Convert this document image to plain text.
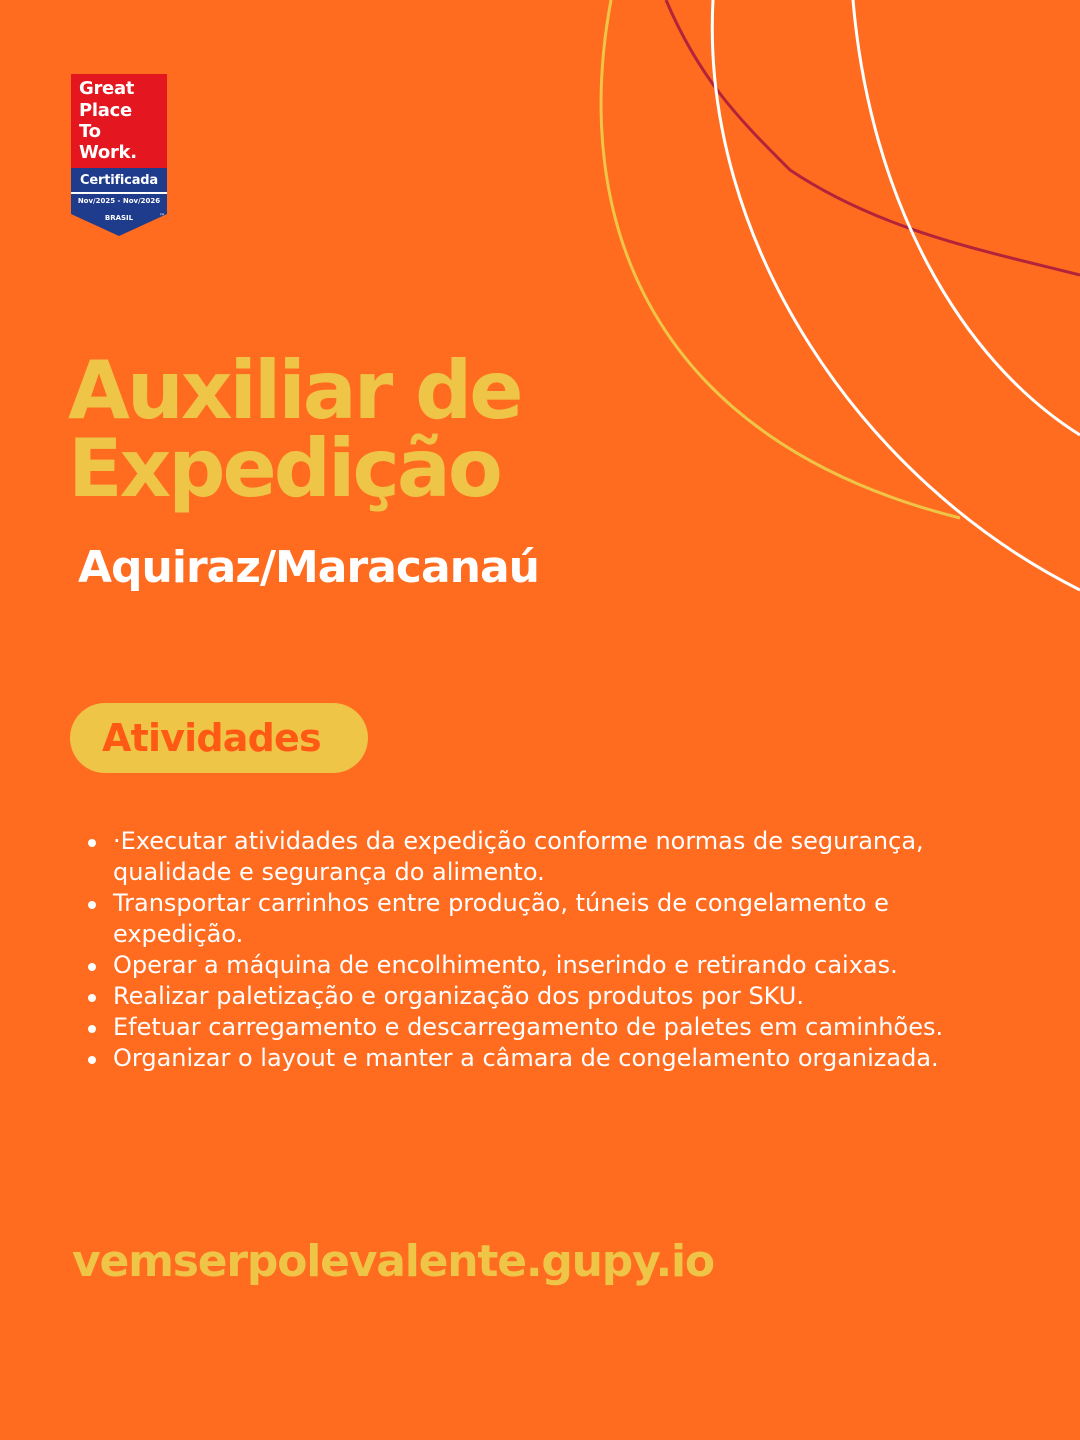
Great
Place
To
Work.
Certificada
Nov/2025 - Nov/2026
BRASIL	™
Auxiliar de
Expedição
Aquiraz/Maracanaú
Atividades
·Executar atividades da expedição conforme normas de segurança, qualidade e segurança do alimento.
Transportar carrinhos entre produção, túneis de congelamento e expedição.
Operar a máquina de encolhimento, inserindo e retirando caixas.
Realizar paletização e organização dos produtos por SKU.
Efetuar carregamento e descarregamento de paletes em caminhões.
Organizar o layout e manter a câmara de congelamento organizada.
vemserpolevalente.gupy.io
